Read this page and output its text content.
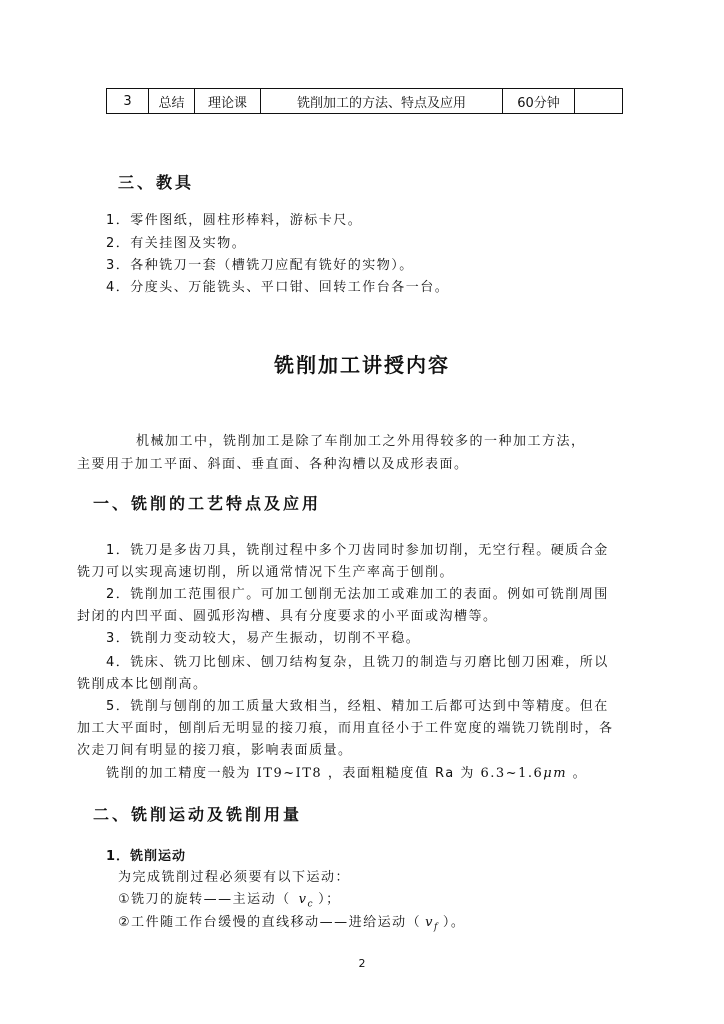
3	总结	理论课	铣削加工的方法、特点及应用	60分钟	
三、教具
1．零件图纸，圆柱形棒料，游标卡尺。
2．有关挂图及实物。
3．各种铣刀一套（槽铣刀应配有铣好的实物）。
4．分度头、万能铣头、平口钳、回转工作台各一台。
铣削加工讲授内容
机械加工中，铣削加工是除了车削加工之外用得较多的一种加工方法，
主要用于加工平面、斜面、垂直面、各种沟槽以及成形表面。
一、铣削的工艺特点及应用
1．铣刀是多齿刀具，铣削过程中多个刀齿同时参加切削，无空行程。硬质合金
铣刀可以实现高速切削，所以通常情况下生产率高于刨削。
2．铣削加工范围很广。可加工刨削无法加工或难加工的表面。例如可铣削周围
封闭的内凹平面、圆弧形沟槽、具有分度要求的小平面或沟槽等。
3．铣削力变动较大，易产生振动，切削不平稳。
4．铣床、铣刀比刨床、刨刀结构复杂，且铣刀的制造与刃磨比刨刀困难，所以
铣削成本比刨削高。
5．铣削与刨削的加工质量大致相当，经粗、精加工后都可达到中等精度。但在
加工大平面时，刨削后无明显的接刀痕，而用直径小于工件宽度的端铣刀铣削时，各
次走刀间有明显的接刀痕，影响表面质量。
铣削的加工精度一般为 IT9~IT8 ，表面粗糙度值 Ra 为 6.3~1.6μm 。
二、铣削运动及铣削用量
1．铣削运动
为完成铣削过程必须要有以下运动：
①铣刀的旋转——主运动（ $v_c$ ）；
②工件随工作台缓慢的直线移动——进给运动（ $v_f$ ）。
2
